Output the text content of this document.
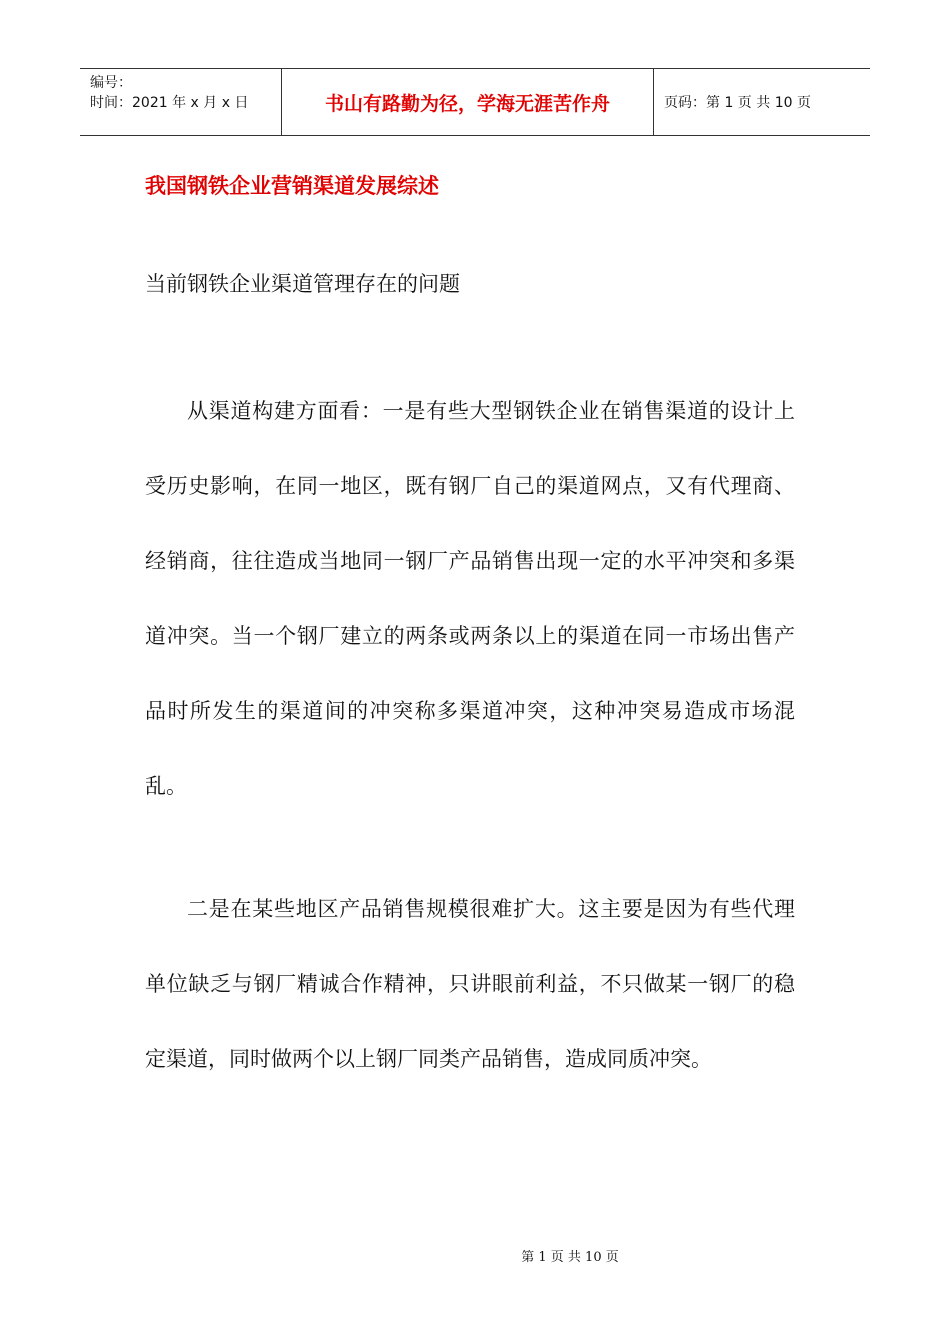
编号：
时间：2021 年 x 月 x 日	书山有路勤为径，学海无涯苦作舟	页码：第 1 页 共 10 页
我国钢铁企业营销渠道发展综述
当前钢铁企业渠道管理存在的问题

从渠道构建方面看：一是有些大型钢铁企业在销售渠道的设计上受历史影响，在同一地区，既有钢厂自己的渠道网点，又有代理商、经销商，往往造成当地同一钢厂产品销售出现一定的水平冲突和多渠道冲突。当一个钢厂建立的两条或两条以上的渠道在同一市场出售产品时所发生的渠道间的冲突称多渠道冲突，这种冲突易造成市场混乱。

二是在某些地区产品销售规模很难扩大。这主要是因为有些代理单位缺乏与钢厂精诚合作精神，只讲眼前利益，不只做某一钢厂的稳定渠道，同时做两个以上钢厂同类产品销售，造成同质冲突。

第 1 页 共 10 页
